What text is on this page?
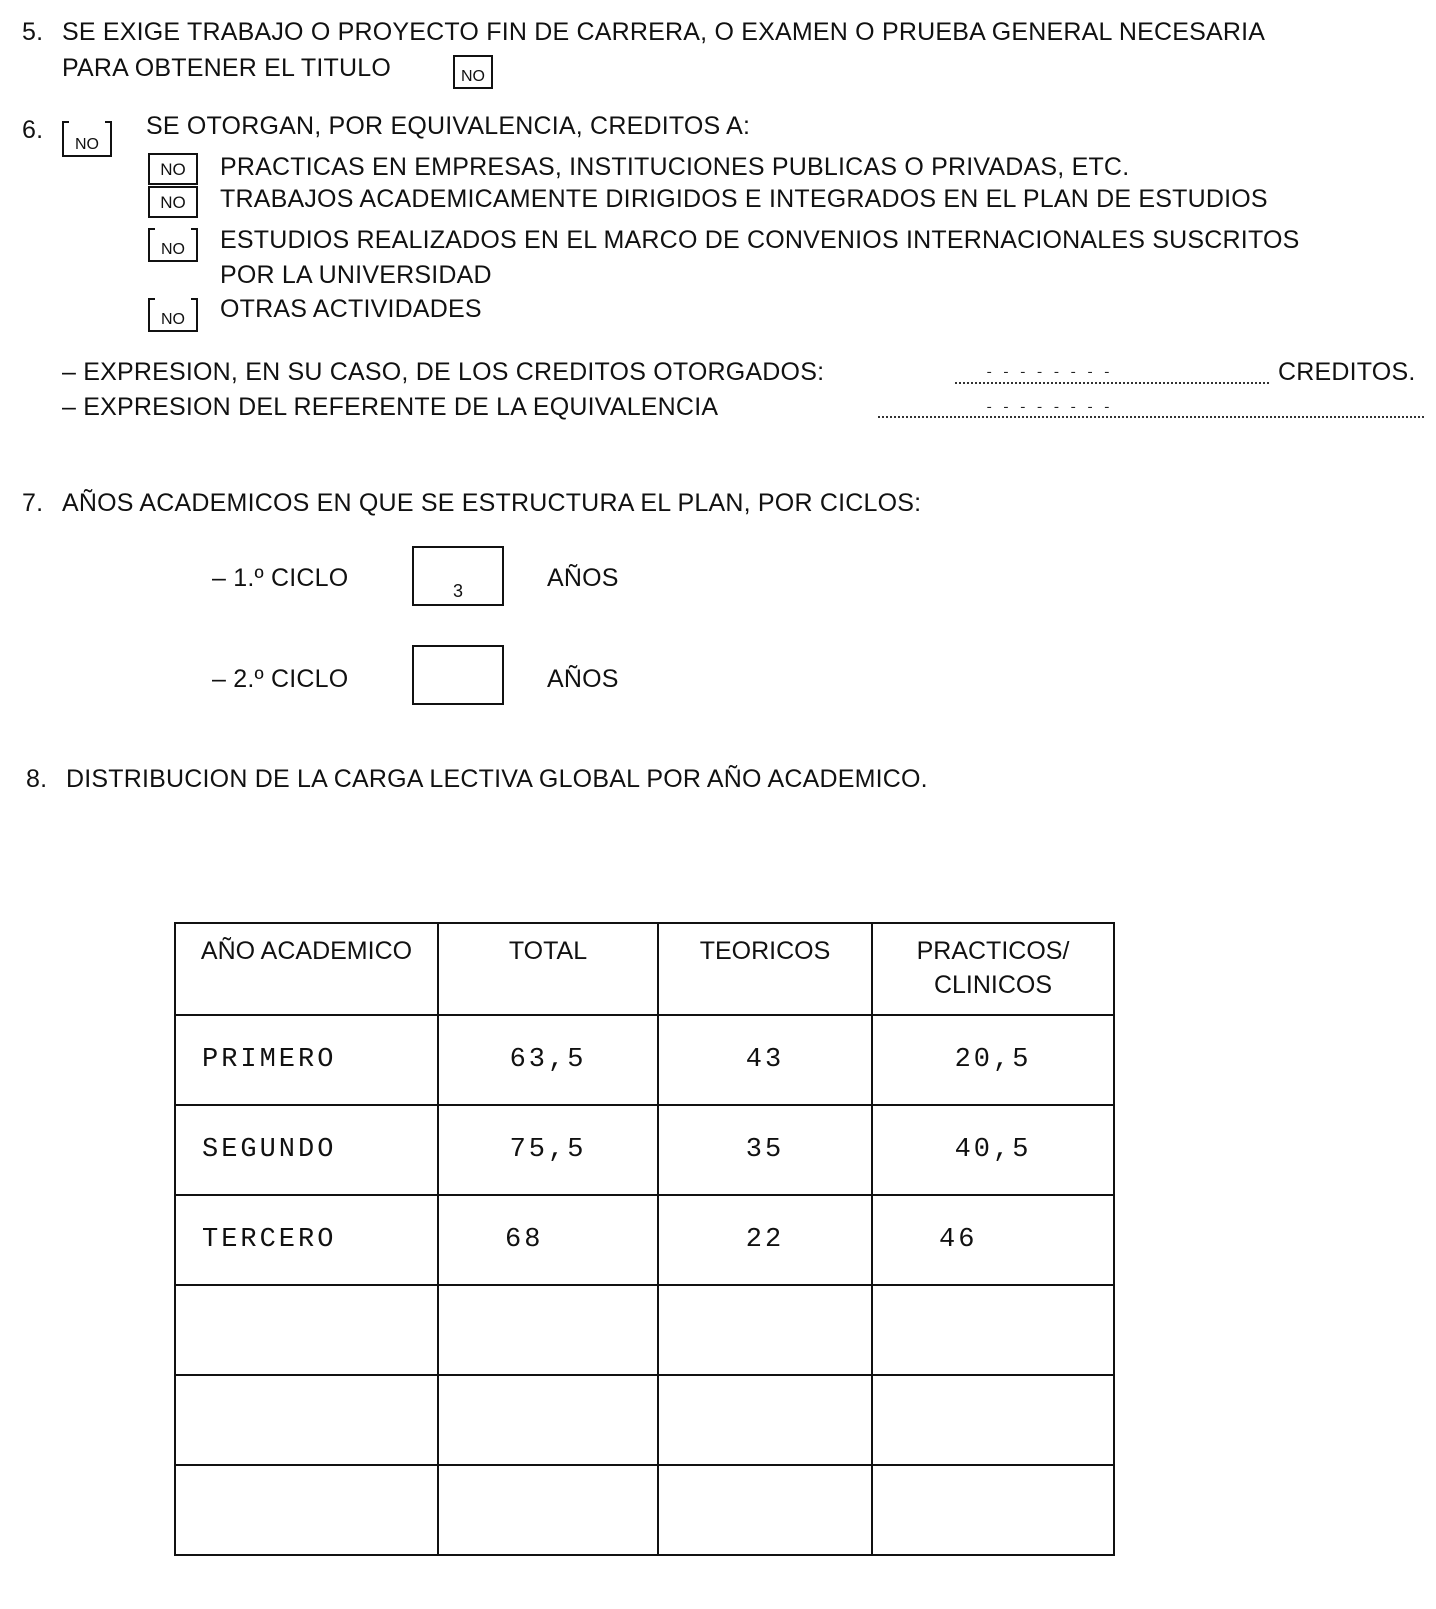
5. SE EXIGE TRABAJO O PROYECTO FIN DE CARRERA, O EXAMEN O PRUEBA GENERAL NECESARIA
PARA OBTENER EL TITULO	NO
6.
NO
SE OTORGAN, POR EQUIVALENCIA, CREDITOS A:
NO	PRACTICAS EN EMPRESAS, INSTITUCIONES PUBLICAS O PRIVADAS, ETC.
NO	TRABAJOS ACADEMICAMENTE DIRIGIDOS E INTEGRADOS EN EL PLAN DE ESTUDIOS
NO	ESTUDIOS REALIZADOS EN EL MARCO DE CONVENIOS INTERNACIONALES SUSCRITOS
POR LA UNIVERSIDAD
NO	OTRAS ACTIVIDADES
– EXPRESION, EN SU CASO, DE LOS CREDITOS OTORGADOS:	- - - - - - - -	CREDITOS.
– EXPRESION DEL REFERENTE DE LA EQUIVALENCIA	- - - - - - - -
7. AÑOS ACADEMICOS EN QUE SE ESTRUCTURA EL PLAN, POR CICLOS:
– 1.º CICLO	3	AÑOS
– 2.º CICLO	AÑOS
8. DISTRIBUCION DE LA CARGA LECTIVA GLOBAL POR AÑO ACADEMICO.
AÑO ACADEMICO	TOTAL	TEORICOS	PRACTICOS/ CLINICOS
PRIMERO	63,5	43	20,5
SEGUNDO	75,5	35	40,5
TERCERO	68	22	46
